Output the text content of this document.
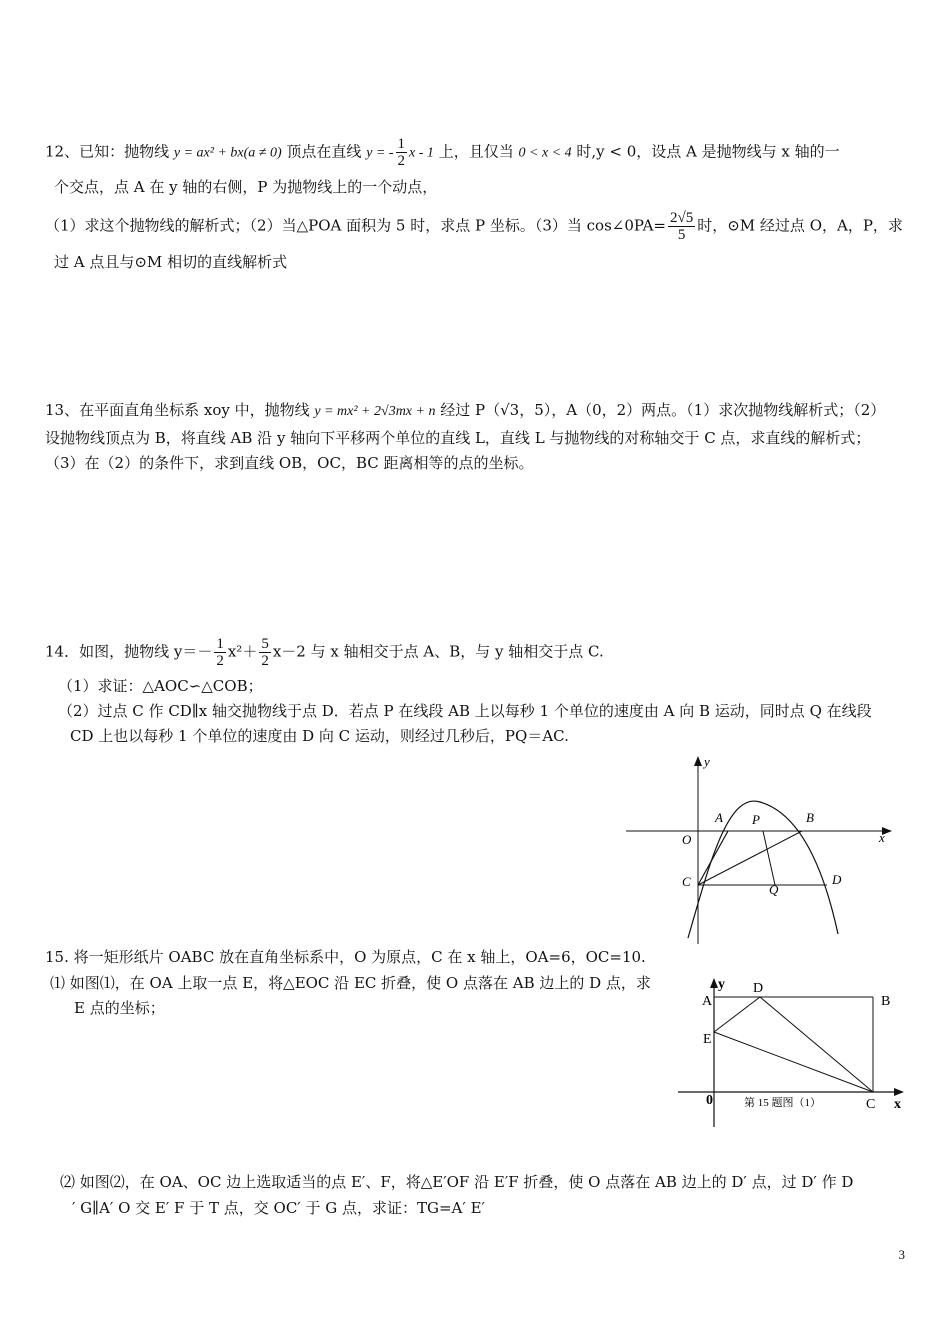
12、已知：抛物线 y = ax² + bx(a ≠ 0) 顶点在直线 y = - $\frac{1}{2}$ x - 1 上，且仅当 0 < x < 4 时,y < 0，设点 A 是抛物线与 x 轴的一
个交点，点 A 在 y 轴的右侧，P 为抛物线上的一个动点，
（1）求这个抛物线的解析式；（2）当△POA 面积为 5 时，求点 P 坐标。（3）当 cos∠0PA= $\frac{2√5}{5}$ 时，⊙M 经过点 O，A，P，求
过 A 点且与⊙M 相切的直线解析式
13、在平面直角坐标系 xoy 中，抛物线 y = mx² + 2√3mx + n 经过 P（√3，5），A（0，2）两点。（1）求次抛物线解析式；（2）
设抛物线顶点为 B，将直线 AB 沿 y 轴向下平移两个单位的直线 L，直线 L 与抛物线的对称轴交于 C 点，求直线的解析式；
（3）在（2）的条件下，求到直线 OB，OC，BC 距离相等的点的坐标。
14．如图，抛物线 $y=- \frac{1}{2} x^2+ \frac{5}{2} x-2$ 与 x 轴相交于点 A、B，与 y 轴相交于点 C.
（1）求证：△AOC∽△COB；
（2）过点 C 作 CD∥x 轴交抛物线于点 D．若点 P 在线段 AB 上以每秒 1 个单位的速度由 A 向 B 运动，同时点 Q 在线段
CD 上也以每秒 1 个单位的速度由 D 向 C 运动，则经过几秒后，PQ＝AC.
y
x
A P	B
O
C
Q
D
15. 将一矩形纸片 OABC 放在直角坐标系中，O 为原点，C 在 x 轴上，OA=6，OC=10.
⑴ 如图⑴，在 OA 上取一点 E，将△EOC 沿 EC 折叠，使 O 点落在 AB 边上的 D 点，求
E 点的坐标；
y
A
D
B
E
0	C x
第 15 题图（1）
⑵ 如图⑵，在 OA、OC 边上选取适当的点 E′、F，将△E′OF 沿 E′F 折叠，使 O 点落在 AB 边上的 D′ 点，过 D′ 作 D
′ G∥A′ O 交 E′ F 于 T 点，交 OC′ 于 G 点，求证：TG=A′ E′
3
